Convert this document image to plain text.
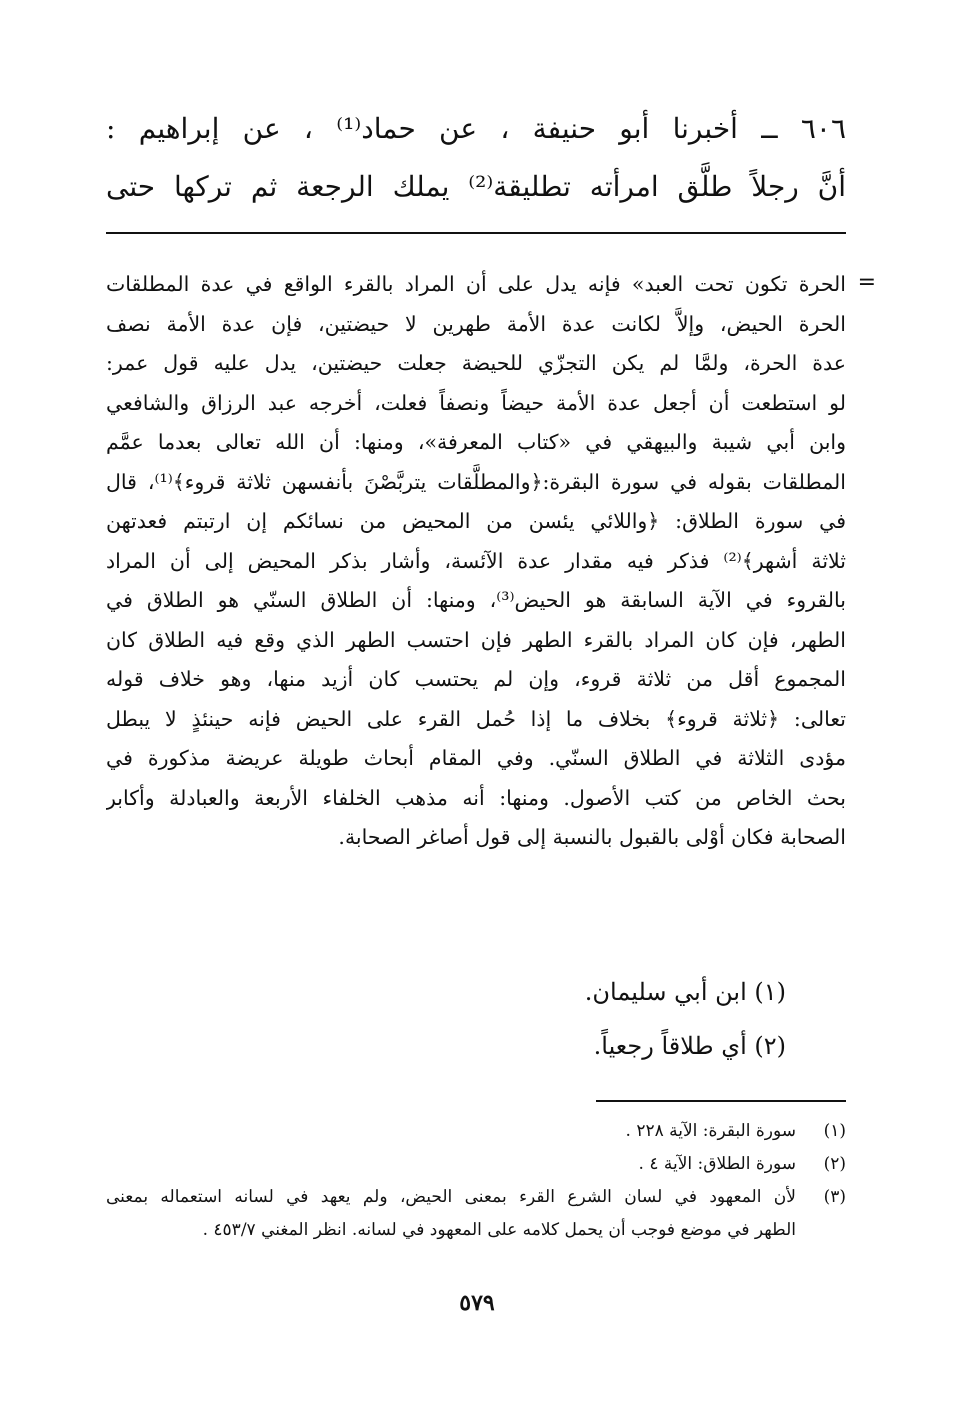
٦٠٦ ــ أخبرنا أبو حنيفة ، عن حماد⁽¹⁾ ، عن إبراهيم :

أنَّ رجلاً طلَّق امرأته تطليقة⁽²⁾ يملك الرجعة ثم تركها حتى

=
الحرة تكون تحت العبد» فإنه يدل على أن المراد بالقرء الواقع في عدة المطلقات
الحرة الحيض، وإلاَّ لكانت عدة الأمة طهرين لا حيضتين، فإن عدة الأمة نصف
عدة الحرة، ولمَّا لم يكن التجزّي للحيضة جعلت حيضتين، يدل عليه قول عمر:
لو استطعت أن أجعل عدة الأمة حيضاً ونصفاً فعلت، أخرجه عبد الرزاق والشافعي
وابن أبي شيبة والبيهقي في «كتاب المعرفة»، ومنها: أن الله تعالى بعدما عمَّم
المطلقات بقوله في سورة البقرة:﴿والمطلَّقات يتربَّصْنَ بأنفسهن ثلاثة قروء﴾⁽¹⁾، قال
في سورة الطلاق: ﴿واللائي يئسن من المحيض من نسائكم إن ارتبتم فعدتهن
ثلاثة أشهر﴾⁽²⁾ فذكر فيه مقدار عدة الآئسة، وأشار بذكر المحيض إلى أن المراد
بالقروء في الآية السابقة هو الحيض⁽³⁾، ومنها: أن الطلاق السنّي هو الطلاق في
الطهر، فإن كان المراد بالقرء الطهر فإن احتسب الطهر الذي وقع فيه الطلاق كان
المجموع أقل من ثلاثة قروء، وإن لم يحتسب كان أزيد منها، وهو خلاف قوله
تعالى: ﴿ثلاثة قروء﴾ بخلاف ما إذا حُمل القرء على الحيض فإنه حينئذٍ لا يبطل
مؤدى الثلاثة في الطلاق السنّي. وفي المقام أبحاث طويلة عريضة مذكورة في
بحث الخاص من كتب الأصول. ومنها: أنه مذهب الخلفاء الأربعة والعبادلة وأكابر
الصحابة فكان أوْلى بالقبول بالنسبة إلى قول أصاغر الصحابة.
(١) ابن أبي سليمان.
(٢) أي طلاقاً رجعياً.
(١)
سورة البقرة: الآية ٢٢٨ .
(٢)
سورة الطلاق: الآية ٤ .
(٣)
لأن المعهود في لسان الشرع القرء بمعنى الحيض، ولم يعهد في لسانه استعماله بمعنى
الطهر في موضع فوجب أن يحمل كلامه على المعهود في لسانه. انظر المغني ٤٥٣/٧ .
٥٧٩
